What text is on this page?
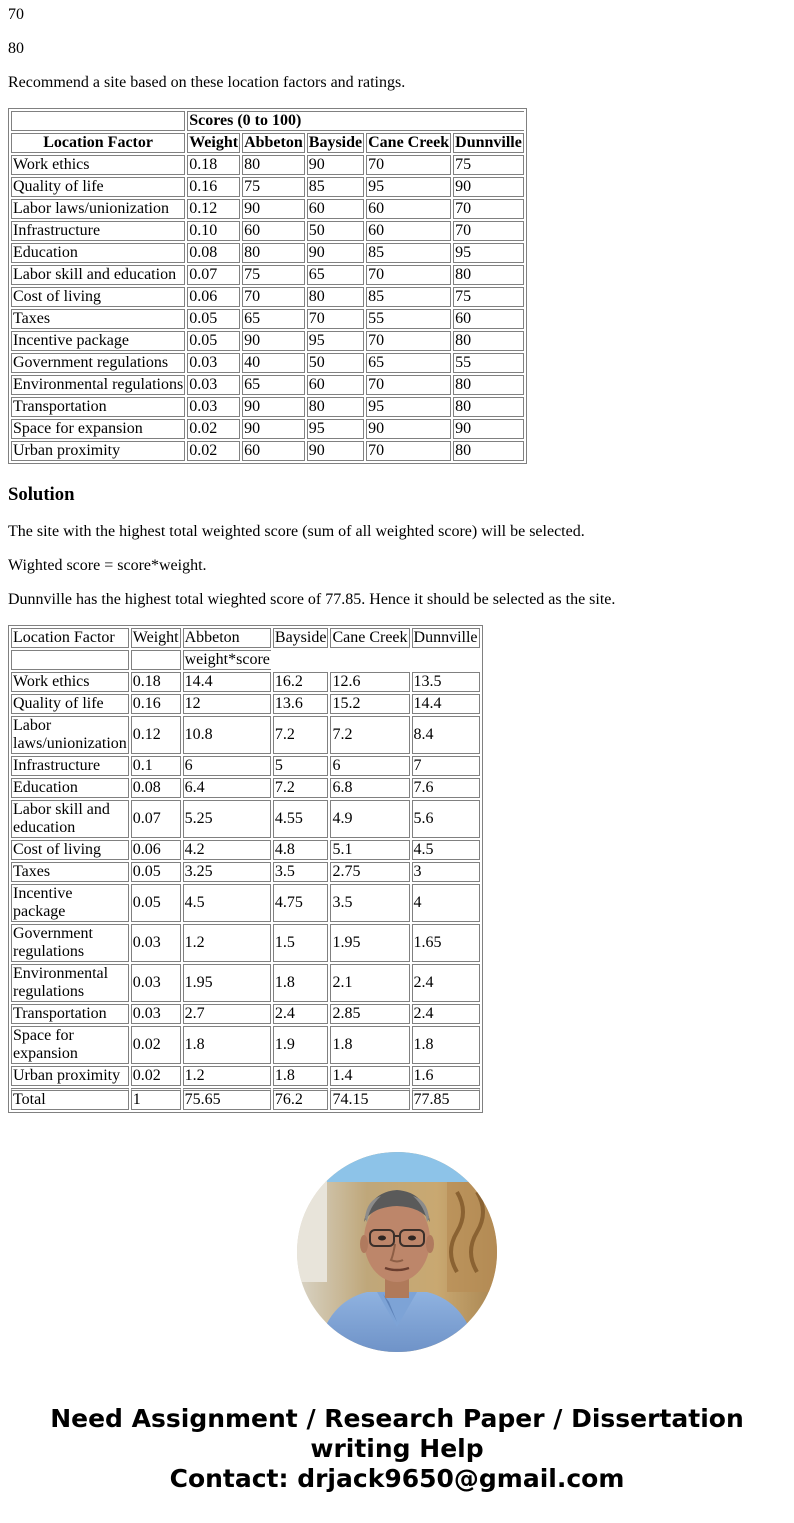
70

80

Recommend a site based on these location factors and ratings.

	Scores (0 to 100)				
Location Factor	Weight	Abbeton	Bayside	Cane Creek	Dunnville
Work ethics	0.18	80	90	70	75
Quality of life	0.16	75	85	95	90
Labor laws/unionization	0.12	90	60	60	70
Infrastructure	0.10	60	50	60	70
Education	0.08	80	90	85	95
Labor skill and education	0.07	75	65	70	80
Cost of living	0.06	70	80	85	75
Taxes	0.05	65	70	55	60
Incentive package	0.05	90	95	70	80
Government regulations	0.03	40	50	65	55
Environmental regulations	0.03	65	60	70	80
Transportation	0.03	90	80	95	80
Space for expansion	0.02	90	95	90	90
Urban proximity	0.02	60	90	70	80
Solution

The site with the highest total weighted score (sum of all weighted score) will be selected.

Wighted score = score*weight.

Dunnville has the highest total wieghted score of 77.85. Hence it should be selected as the site.

Location Factor	Weight	Abbeton	Bayside	Cane Creek	Dunnville
		weight*score			
Work ethics	0.18	14.4	16.2	12.6	13.5
Quality of life	0.16	12	13.6	15.2	14.4
Labor laws/unionization	0.12	10.8	7.2	7.2	8.4
Infrastructure	0.1	6	5	6	7
Education	0.08	6.4	7.2	6.8	7.6
Labor skill and education	0.07	5.25	4.55	4.9	5.6
Cost of living	0.06	4.2	4.8	5.1	4.5
Taxes	0.05	3.25	3.5	2.75	3
Incentive package	0.05	4.5	4.75	3.5	4
Government regulations	0.03	1.2	1.5	1.95	1.65
Environmental regulations	0.03	1.95	1.8	2.1	2.4
Transportation	0.03	2.7	2.4	2.85	2.4
Space for expansion	0.02	1.8	1.9	1.8	1.8
Urban proximity	0.02	1.2	1.8	1.4	1.6
Total	1	75.65	76.2	74.15	77.85
Need Assignment / Research Paper / Dissertation
writing Help
Contact: drjack9650@gmail.com
